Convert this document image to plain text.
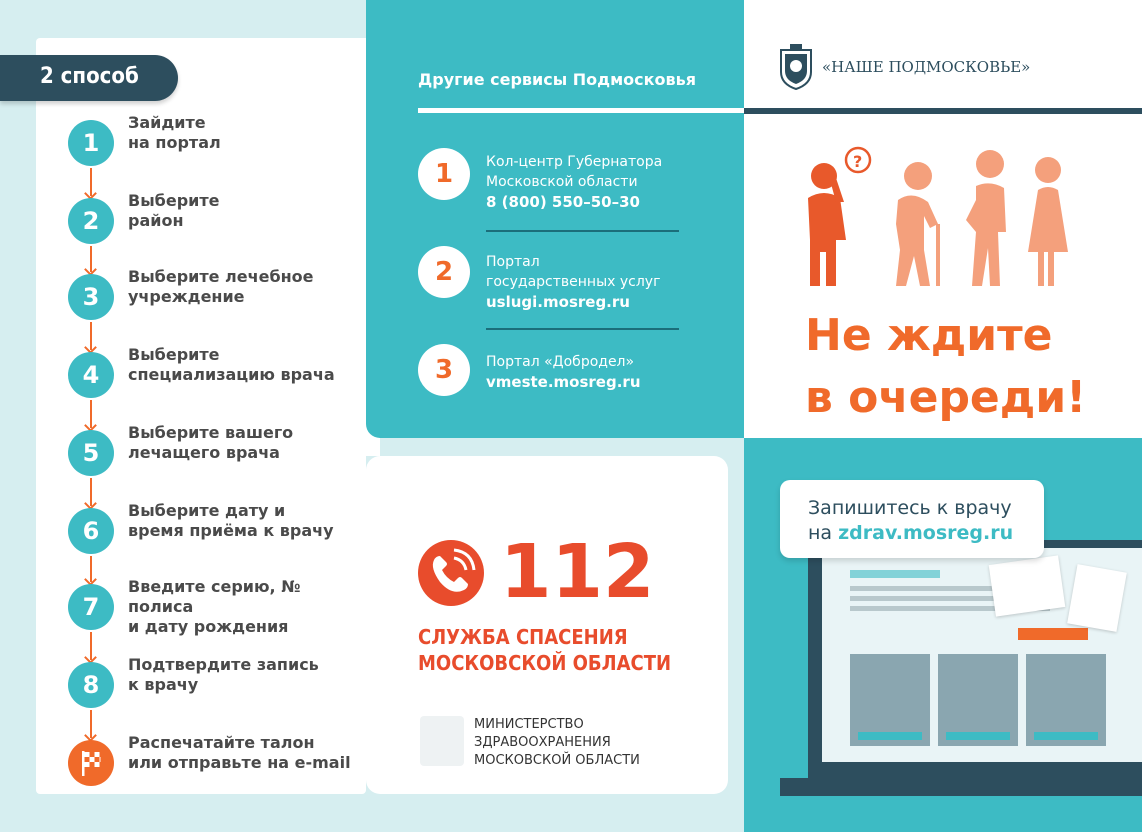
2 способ
1
Зайдите
на портал
2
Выберите
район
3
Выберите лечебное
учреждение
4
Выберите
специализацию врача
5
Выберите вашего
лечащего врача
6
Выберите дату и
время приёма к врачу
7
Введите серию, № полиса
и дату рождения
8
Подтвердите запись
к врачу
Распечатайте талон
или отправьте на e-mail
Другие сервисы Подмосковья
1	Кол-центр Губернатора
Московской области
8 (800) 550–50–30
2	Портал
государственных услуг
uslugi.mosreg.ru
3	Портал «Добродел»
vmeste.mosreg.ru
«НАШЕ ПОДМОСКОВЬЕ»
?
Не ждите
в очереди!
112
СЛУЖБА СПАСЕНИЯ
МОСКОВСКОЙ ОБЛАСТИ
МИНИСТЕРСТВО
ЗДРАВООХРАНЕНИЯ
МОСКОВСКОЙ ОБЛАСТИ
Запишитесь к врачу
на zdrav.mosreg.ru
